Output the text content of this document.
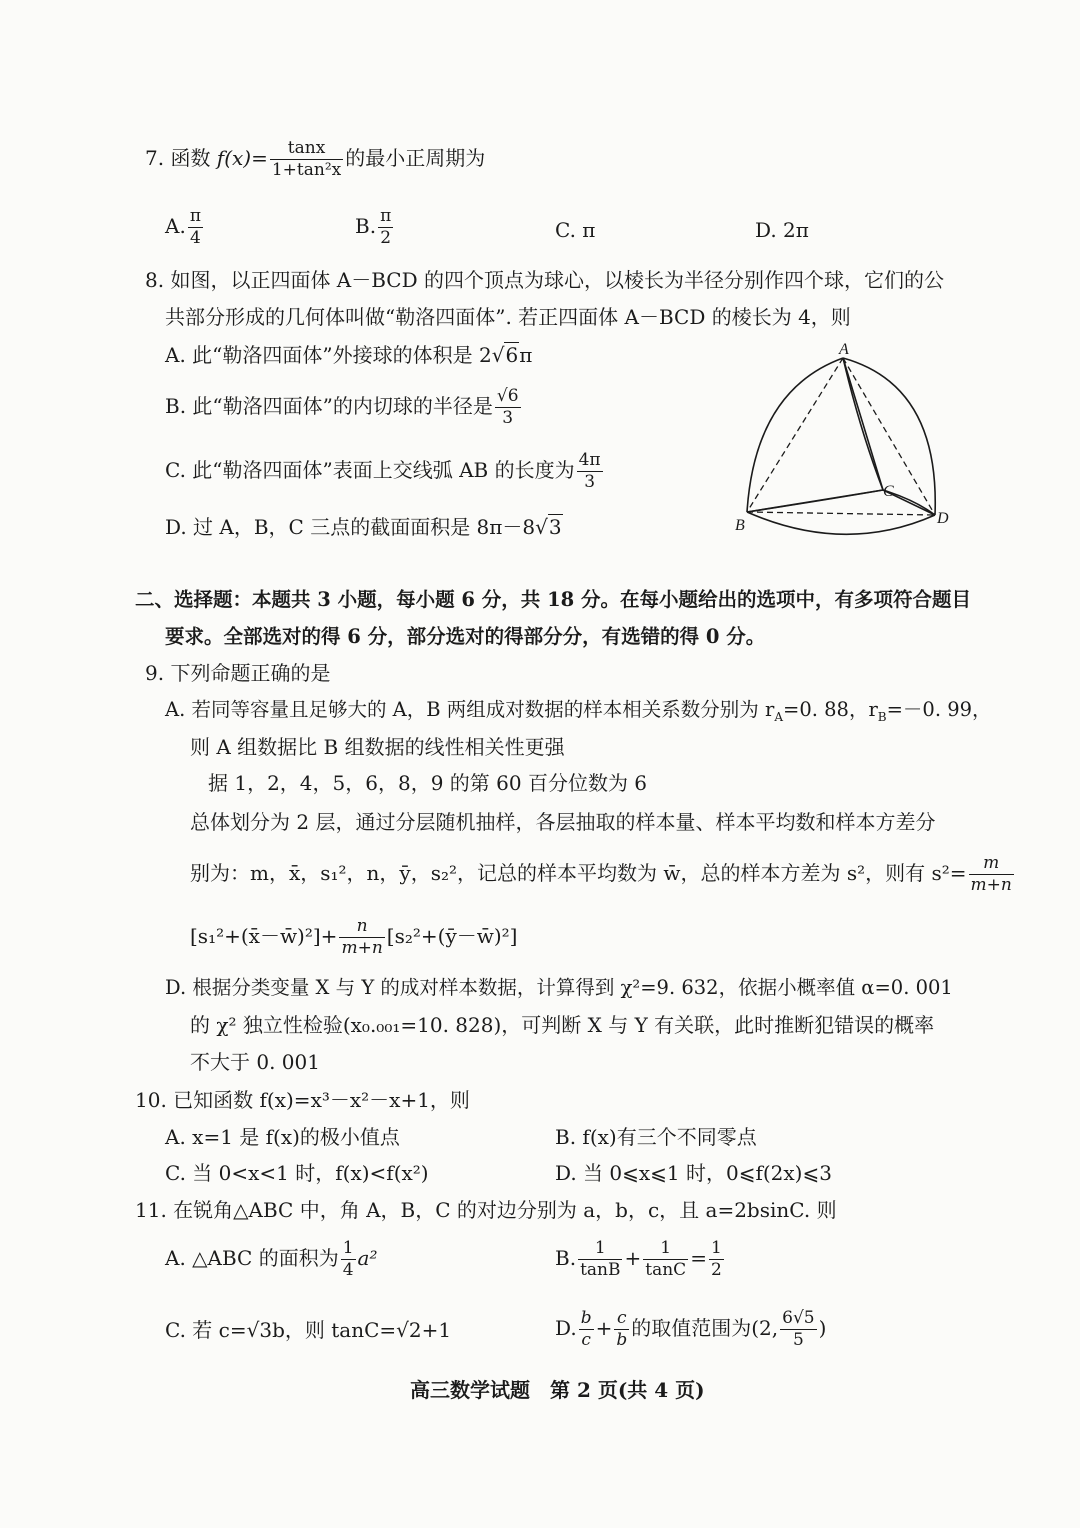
7. 函数 $f(x)= \frac{\tan x}{\text{1+tan²x}}$ 的最小正周期为
A. $\frac{\pi}{4}$	B. $\frac{\pi}{2}$	C. π	D. 2π
8. 如图，以正四面体 A－BCD 的四个顶点为球心，以棱长为半径分别作四个球，它们的公
共部分形成的几何体叫做“勒洛四面体”. 若正四面体 A－BCD 的棱长为 4，则
A. 此“勒洛四面体”外接球的体积是 2√6π
B. 此“勒洛四面体”的内切球的半径是 $\frac{√6}{3}$
C. 此“勒洛四面体”表面上交线弧 AB 的长度为 $\frac{4\pi}{3}$
D. 过 A，B，C 三点的截面面积是 8π－8√3
A
B
C
D
二、选择题：本题共 3 小题，每小题 6 分，共 18 分。在每小题给出的选项中，有多项符合题目
要求。全部选对的得 6 分，部分选对的得部分分，有选错的得 0 分。
9. 下列命题正确的是
A. 若同等容量且足够大的 A，B 两组成对数据的样本相关系数分别为 $r_A=0$. 88，$r_B=-0$. 99，
则 A 组数据比 B 组数据的线性相关性更强
据 1，2，4，5，6，8，9 的第 60 百分位数为 6
总体划分为 2 层，通过分层随机抽样，各层抽取的样本量、样本平均数和样本方差分
别为：m，x̄，s₁²，n，ȳ，s₂²，记总的样本平均数为 w̄，总的样本方差为 s²，则有 $s^2= \frac{m}{m+n}$
[s₁²+(x̄－w̄)²]+ $\frac{n}{m+n}$ [s₂²+(ȳ－w̄)²]
D. 根据分类变量 X 与 Y 的成对样本数据，计算得到 χ²=9. 632，依据小概率值 α=0. 001
的 χ² 独立性检验(x₀.₀₀₁=10. 828)，可判断 X 与 Y 有关联，此时推断犯错误的概率
不大于 0. 001
10. 已知函数 f(x)=x³－x²－x+1，则
A. x=1 是 f(x)的极小值点	B. f(x)有三个不同零点
C. 当 0<x<1 时，f(x)<f(x²)	D. 当 0⩽x⩽1 时，0⩽f(2x)⩽3
11. 在锐角△ABC 中，角 A，B，C 的对边分别为 a，b，c，且 a=2bsinC. 则
A. △ABC 的面积为 $\frac{1}{4} a^2$	B. $\frac{1}{\tan B} + \frac{1}{\tan C} = \frac{1}{2}$
C. 若 c=√3b，则 tanC=√2+1	D. $\frac{b}{c} + \frac{c}{b}$ 的取值范围为(2, $\frac{6√5}{5}$ )
高三数学试题　第 2 页(共 4 页)
